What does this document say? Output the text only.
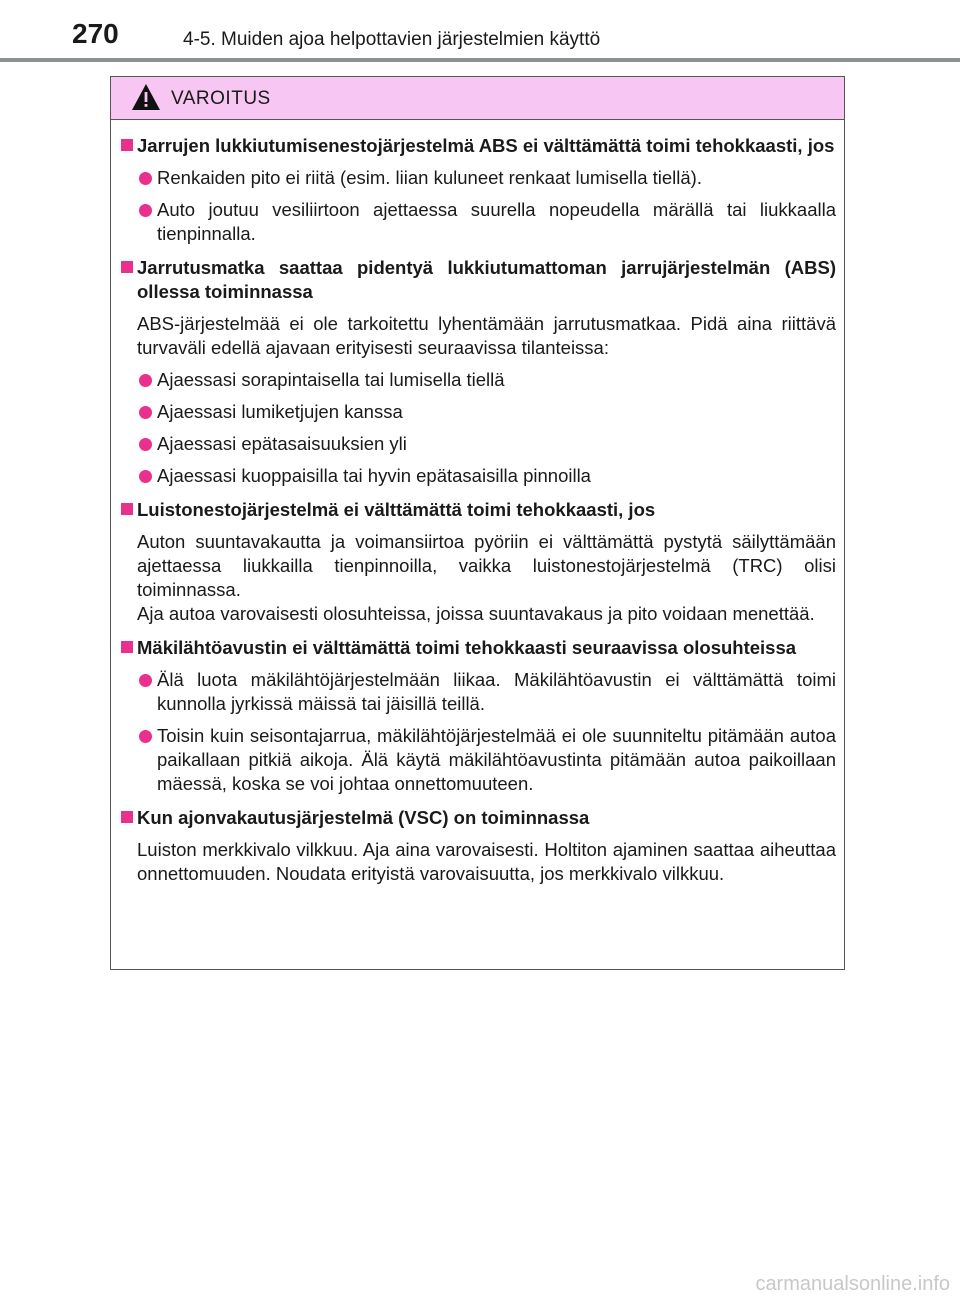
270	4-5. Muiden ajoa helpottavien järjestelmien käyttö
VAROITUS
Jarrujen lukkiutumisenestojärjestelmä ABS ei välttämättä toimi tehokkaasti, jos
Renkaiden pito ei riitä (esim. liian kuluneet renkaat lumisella tiellä).
Auto joutuu vesiliirtoon ajettaessa suurella nopeudella märällä tai liukkaalla tienpinnalla.
Jarrutusmatka saattaa pidentyä lukkiutumattoman jarrujärjestelmän (ABS) ollessa toiminnassa
ABS-järjestelmää ei ole tarkoitettu lyhentämään jarrutusmatkaa. Pidä aina riittävä turvaväli edellä ajavaan erityisesti seuraavissa tilanteissa:
Ajaessasi sorapintaisella tai lumisella tiellä
Ajaessasi lumiketjujen kanssa
Ajaessasi epätasaisuuksien yli
Ajaessasi kuoppaisilla tai hyvin epätasaisilla pinnoilla
Luistonestojärjestelmä ei välttämättä toimi tehokkaasti, jos
Auton suuntavakautta ja voimansiirtoa pyöriin ei välttämättä pystytä säilyttämään ajettaessa liukkailla tienpinnoilla, vaikka luistonestojärjestelmä (TRC) olisi toiminnassa.
Aja autoa varovaisesti olosuhteissa, joissa suuntavakaus ja pito voidaan menettää.
Mäkilähtöavustin ei välttämättä toimi tehokkaasti seuraavissa olosuhteissa
Älä luota mäkilähtöjärjestelmään liikaa. Mäkilähtöavustin ei välttämättä toimi kunnolla jyrkissä mäissä tai jäisillä teillä.
Toisin kuin seisontajarrua, mäkilähtöjärjestelmää ei ole suunniteltu pitämään autoa paikallaan pitkiä aikoja. Älä käytä mäkilähtöavustinta pitämään autoa paikoillaan mäessä, koska se voi johtaa onnettomuuteen.
Kun ajonvakautusjärjestelmä (VSC) on toiminnassa
Luiston merkkivalo vilkkuu. Aja aina varovaisesti. Holtiton ajaminen saattaa aiheuttaa onnettomuuden. Noudata erityistä varovaisuutta, jos merkkivalo vilkkuu.
carmanualsonline.info
